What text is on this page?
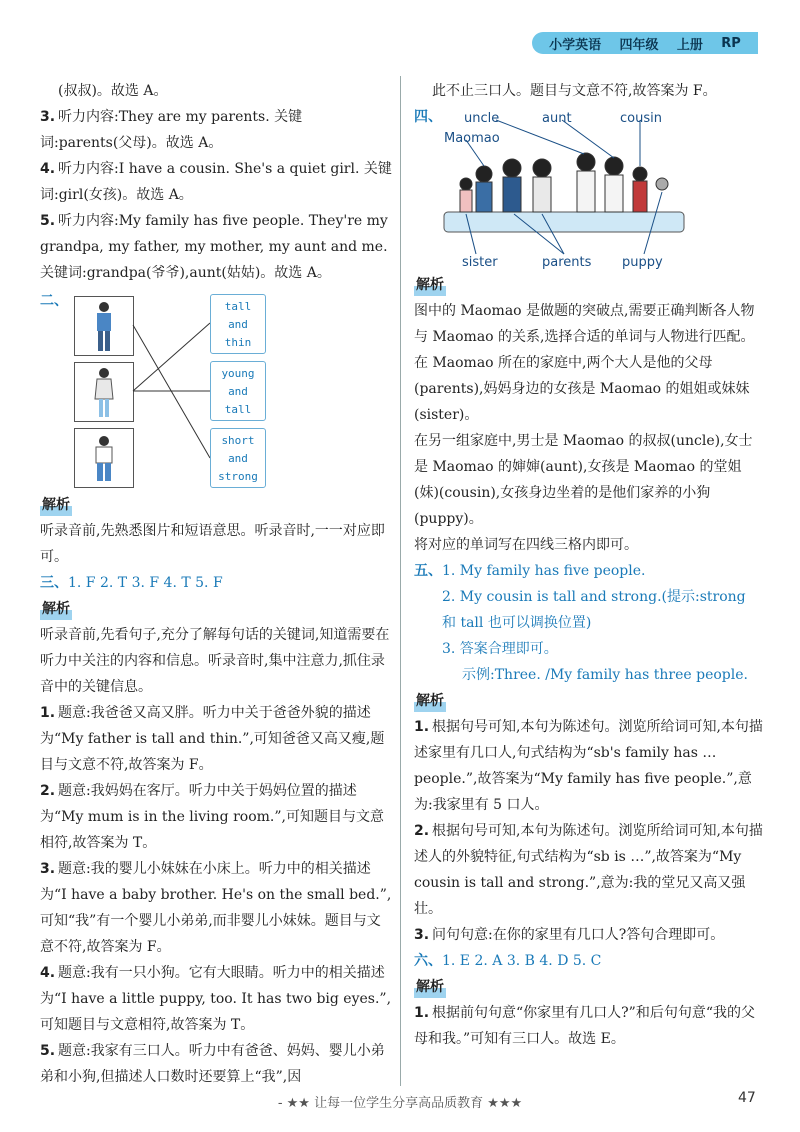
小学英语 四年级 上册 RP

(叔叔)。故选 A。

3. 听力内容:They are my parents. 关键词:parents(父母)。故选 A。

4. 听力内容:I have a cousin. She's a quiet girl. 关键词:girl(女孩)。故选 A。

5. 听力内容:My family has five people. They're my grandpa, my father, my mother, my aunt and me. 关键词:grandpa(爷爷),aunt(姑姑)。故选 A。

二、	tall
and
thin
young
and
tall
short
and
strong
解析

听录音前,先熟悉图片和短语意思。听录音时,一一对应即可。

三、1. F 2. T 3. F 4. T 5. F

解析

听录音前,先看句子,充分了解每句话的关键词,知道需要在听力中关注的内容和信息。听录音时,集中注意力,抓住录音中的关键信息。

1. 题意:我爸爸又高又胖。听力中关于爸爸外貌的描述为“My father is tall and thin.”,可知爸爸又高又瘦,题目与文意不符,故答案为 F。

2. 题意:我妈妈在客厅。听力中关于妈妈位置的描述为“My mum is in the living room.”,可知题目与文意相符,故答案为 T。

3. 题意:我的婴儿小妹妹在小床上。听力中的相关描述为“I have a baby brother. He's on the small bed.”,可知“我”有一个婴儿小弟弟,而非婴儿小妹妹。题目与文意不符,故答案为 F。

4. 题意:我有一只小狗。它有大眼睛。听力中的相关描述为“I have a little puppy, too. It has two big eyes.”,可知题目与文意相符,故答案为 T。

5. 题意:我家有三口人。听力中有爸爸、妈妈、婴儿小弟弟和小狗,但描述人口数时还要算上“我”,因

此不止三口人。题目与文意不符,故答案为 F。

四、 uncle	aunt	cousin
Maomao
sister	parents puppy
解析

图中的 Maomao 是做题的突破点,需要正确判断各人物与 Maomao 的关系,选择合适的单词与人物进行匹配。

在 Maomao 所在的家庭中,两个大人是他的父母(parents),妈妈身边的女孩是 Maomao 的姐姐或妹妹(sister)。

在另一组家庭中,男士是 Maomao 的叔叔(uncle),女士是 Maomao 的婶婶(aunt),女孩是 Maomao 的堂姐(妹)(cousin),女孩身边坐着的是他们家养的小狗(puppy)。

将对应的单词写在四线三格内即可。

五、1. My family has five people.

2. My cousin is tall and strong.(提示:strong 和 tall 也可以调换位置)

3. 答案合理即可。

示例:Three. /My family has three people.

解析

1. 根据句号可知,本句为陈述句。浏览所给词可知,本句描述家里有几口人,句式结构为“sb's family has … people.”,故答案为“My family has five people.”,意为:我家里有 5 口人。

2. 根据句号可知,本句为陈述句。浏览所给词可知,本句描述人的外貌特征,句式结构为“sb is …”,故答案为“My cousin is tall and strong.”,意为:我的堂兄又高又强壮。

3. 问句句意:在你的家里有几口人?答句合理即可。

六、1. E 2. A 3. B 4. D 5. C

解析

1. 根据前句句意“你家里有几口人?”和后句句意“我的父母和我。”可知有三口人。故选 E。

- ★★ 让每一位学生分享高品质教育 ★★★	47
